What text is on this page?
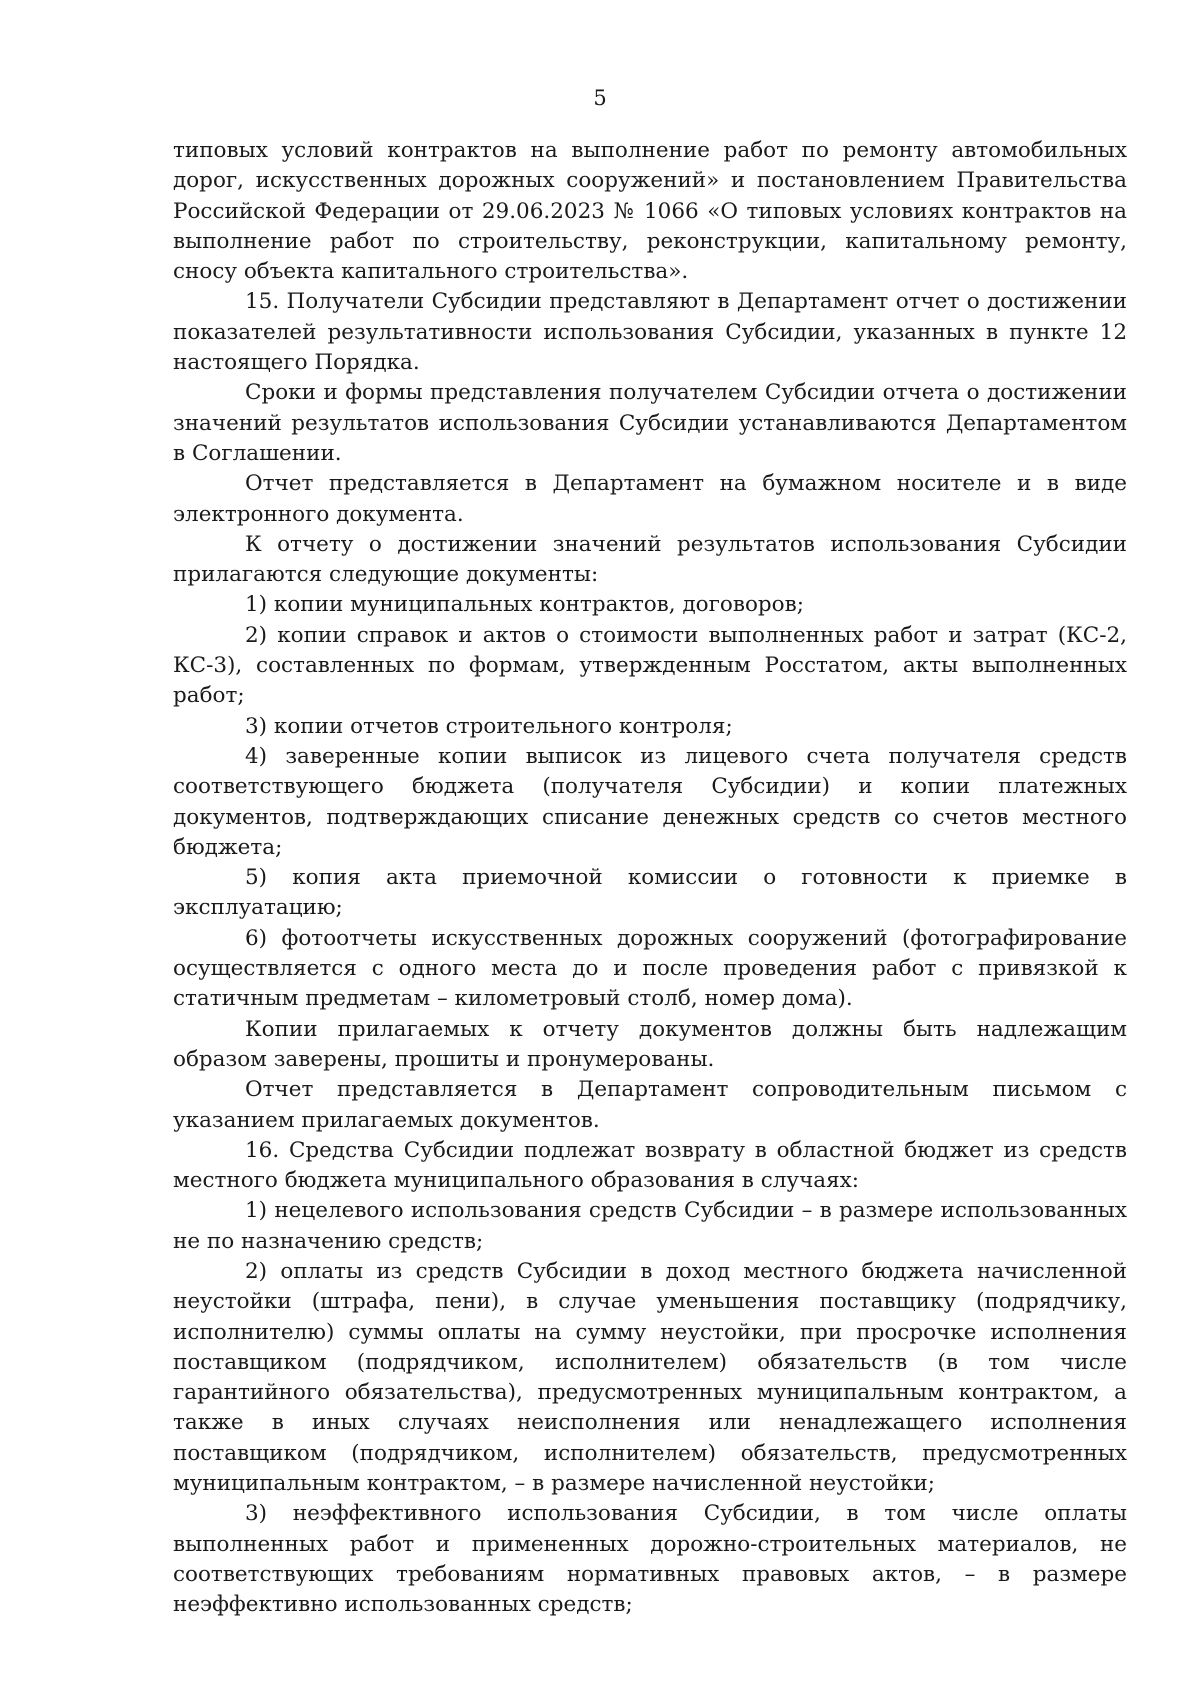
5

типовых условий контрактов на выполнение работ по ремонту автомобильных дорог, искусственных дорожных сооружений» и постановлением Правительства Российской Федерации от 29.06.2023 № 1066 «О типовых условиях контрактов на выполнение работ по строительству, реконструкции, капитальному ремонту, сносу объекта капитального строительства».

15. Получатели Субсидии представляют в Департамент отчет о достижении показателей результативности использования Субсидии, указанных в пункте 12 настоящего Порядка.

Сроки и формы представления получателем Субсидии отчета о достижении значений результатов использования Субсидии устанавливаются Департаментом в Соглашении.

Отчет представляется в Департамент на бумажном носителе и в виде электронного документа.

К отчету о достижении значений результатов использования Субсидии прилагаются следующие документы:

1) копии муниципальных контрактов, договоров;

2) копии справок и актов о стоимости выполненных работ и затрат (КС-2, КС-3), составленных по формам, утвержденным Росстатом, акты выполненных работ;

3) копии отчетов строительного контроля;

4) заверенные копии выписок из лицевого счета получателя средств соответствующего бюджета (получателя Субсидии) и копии платежных документов, подтверждающих списание денежных средств со счетов местного бюджета;

5) копия акта приемочной комиссии о готовности к приемке в эксплуатацию;

6) фотоотчеты искусственных дорожных сооружений (фотографирование осуществляется с одного места до и после проведения работ с привязкой к статичным предметам – километровый столб, номер дома).

Копии прилагаемых к отчету документов должны быть надлежащим образом заверены, прошиты и пронумерованы.

Отчет представляется в Департамент сопроводительным письмом с указанием прилагаемых документов.

16. Средства Субсидии подлежат возврату в областной бюджет из средств местного бюджета муниципального образования в случаях:

1) нецелевого использования средств Субсидии – в размере использованных не по назначению средств;

2) оплаты из средств Субсидии в доход местного бюджета начисленной неустойки (штрафа, пени), в случае уменьшения поставщику (подрядчику, исполнителю) суммы оплаты на сумму неустойки, при просрочке исполнения поставщиком (подрядчиком, исполнителем) обязательств (в том числе гарантийного обязательства), предусмотренных муниципальным контрактом, а также в иных случаях неисполнения или ненадлежащего исполнения поставщиком (подрядчиком, исполнителем) обязательств, предусмотренных муниципальным контрактом, – в размере начисленной неустойки;

3) неэффективного использования Субсидии, в том числе оплаты выполненных работ и примененных дорожно-строительных материалов, не соответствующих требованиям нормативных правовых актов, – в размере неэффективно использованных средств;
